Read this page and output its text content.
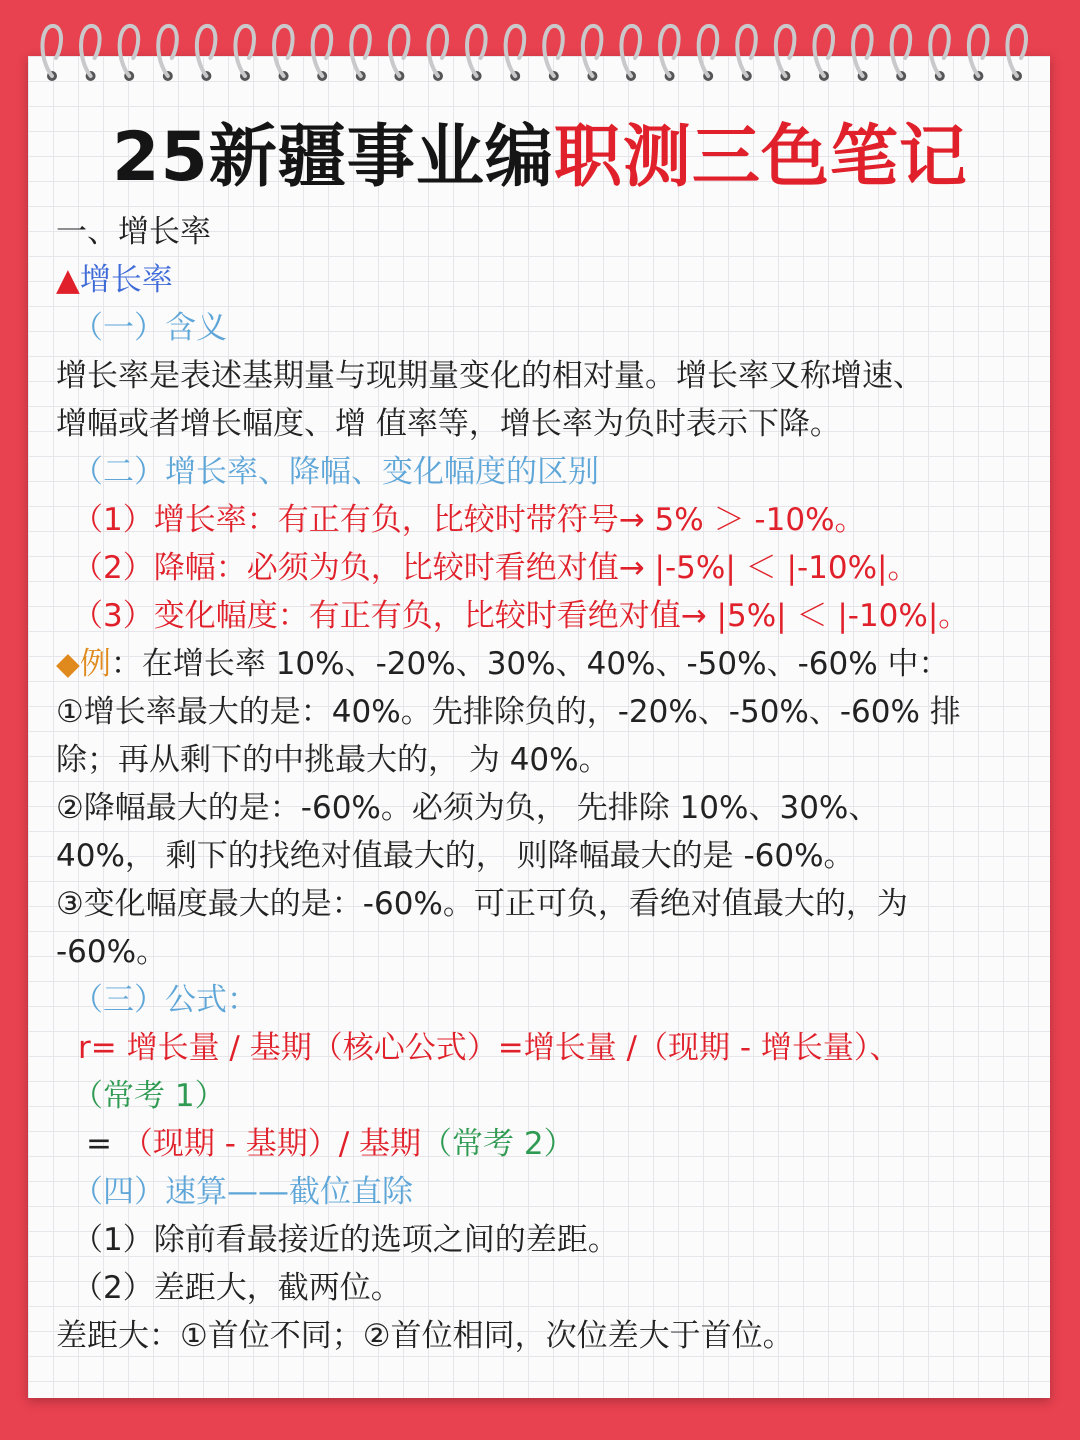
25新疆事业编职测三色笔记
一、增长率
▲增长率
（一）含义
增长率是表述基期量与现期量变化的相对量。增长率又称增速、
增幅或者增长幅度、增 值率等，增长率为负时表示下降。
（二）增长率、降幅、变化幅度的区别
（1）增长率：有正有负，比较时带符号→ 5% ＞ -10%。
（2）降幅：必须为负，比较时看绝对值→ |-5%| ＜ |-10%|。
（3）变化幅度：有正有负，比较时看绝对值→ |5%| ＜ |-10%|。
◆例：在增长率 10%、-20%、30%、40%、-50%、-60% 中：
①增长率最大的是：40%。先排除负的，-20%、-50%、-60% 排
除；再从剩下的中挑最大的， 为 40%。
②降幅最大的是：-60%。必须为负， 先排除 10%、30%、
40%， 剩下的找绝对值最大的， 则降幅最大的是 -60%。
③变化幅度最大的是：-60%。可正可负，看绝对值最大的，为
-60%。
（三）公式：
r= 增长量 / 基期（核心公式）=增长量 /（现期 - 增长量）、
（常考 1）
= （现期 - 基期）/ 基期（常考 2）
（四）速算——截位直除
（1）除前看最接近的选项之间的差距。
（2）差距大，截两位。
差距大：①首位不同；②首位相同，次位差大于首位。
